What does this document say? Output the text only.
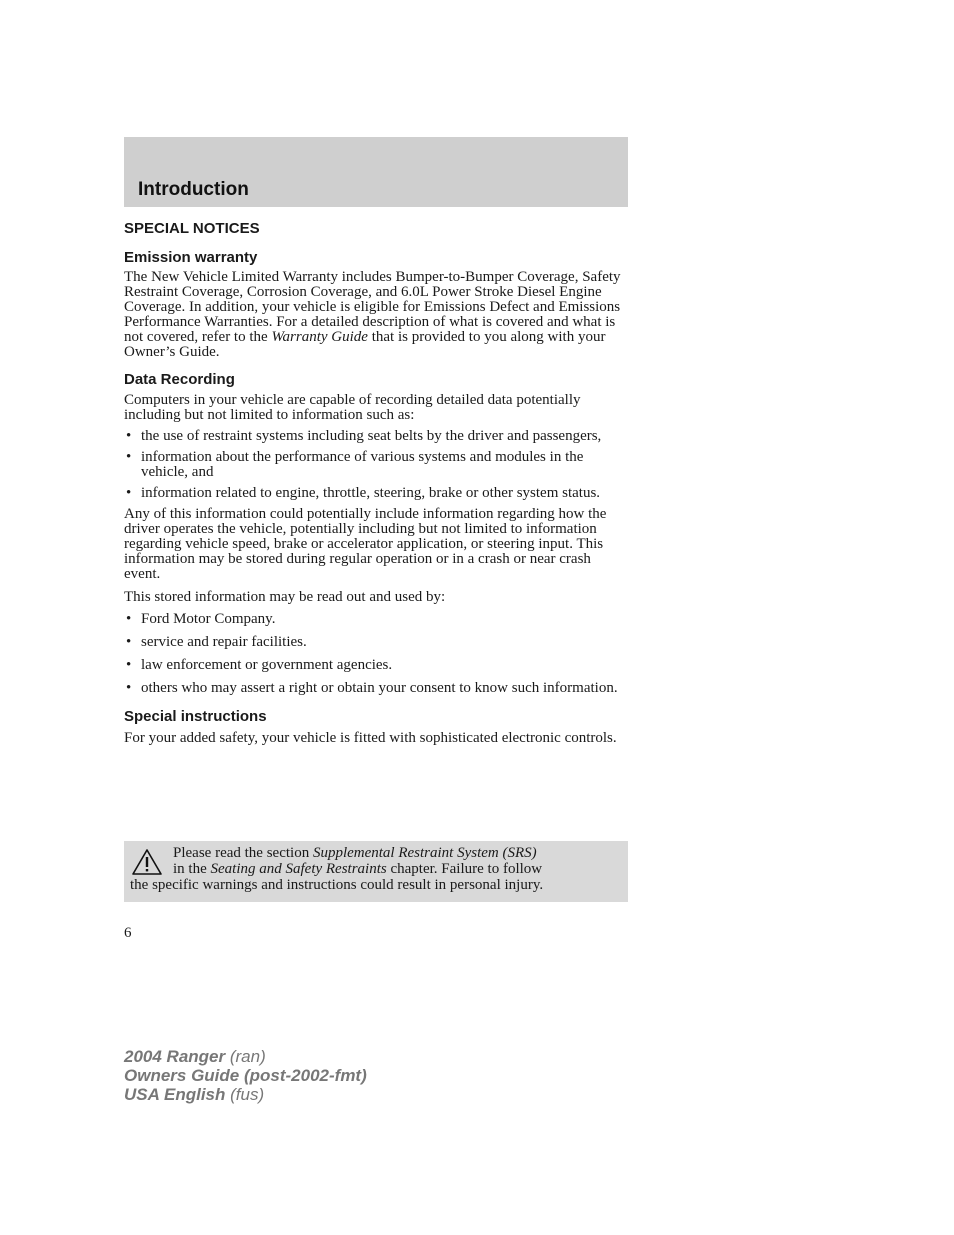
Introduction
SPECIAL NOTICES
Emission warranty

The New Vehicle Limited Warranty includes Bumper-to-Bumper Coverage, Safety Restraint Coverage, Corrosion Coverage, and 6.0L Power Stroke Diesel Engine Coverage. In addition, your vehicle is eligible for Emissions Defect and Emissions Performance Warranties. For a detailed description of what is covered and what is not covered, refer to the Warranty Guide that is provided to you along with your Owner’s Guide.

Data Recording

Computers in your vehicle are capable of recording detailed data potentially including but not limited to information such as:

• the use of restraint systems including seat belts by the driver and passengers,
• information about the performance of various systems and modules in the vehicle, and
• information related to engine, throttle, steering, brake or other system status.

Any of this information could potentially include information regarding how the driver operates the vehicle, potentially including but not limited to information regarding vehicle speed, brake or accelerator application, or steering input. This information may be stored during regular operation or in a crash or near crash event.

This stored information may be read out and used by:

• Ford Motor Company.
• service and repair facilities.
• law enforcement or government agencies.
• others who may assert a right or obtain your consent to know such information.
Special instructions

For your added safety, your vehicle is fitted with sophisticated electronic controls.

Please read the section Supplemental Restraint System (SRS)
in the Seating and Safety Restraints chapter. Failure to follow
the specific warnings and instructions could result in personal injury.
6
2004 Ranger (ran)
Owners Guide (post-2002-fmt)
USA English (fus)
